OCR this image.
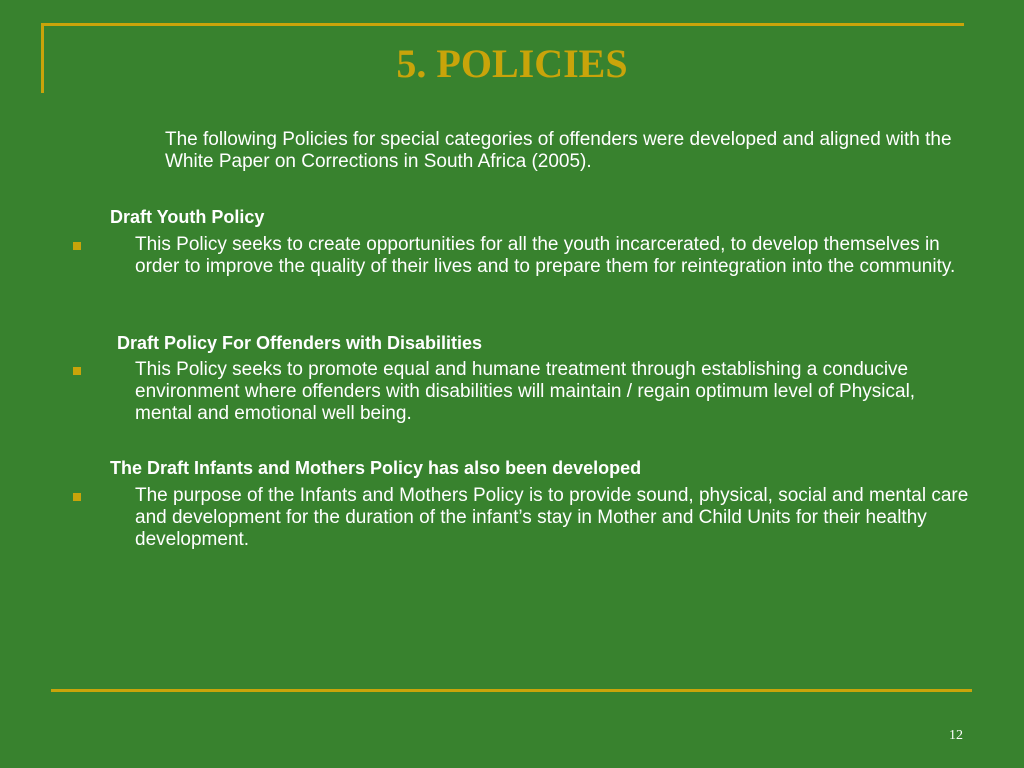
5. POLICIES
The following Policies for special categories of offenders were developed and aligned with the White Paper on Corrections in South Africa (2005).
Draft Youth Policy
This Policy seeks to create opportunities for all the youth incarcerated, to develop themselves in order to improve the quality of their lives and to prepare them for reintegration into the community.
Draft Policy For Offenders with Disabilities
This Policy seeks to promote equal and humane treatment through establishing a conducive environment where offenders with disabilities will maintain / regain optimum level of Physical, mental and emotional well being.
The Draft Infants and Mothers Policy has also been developed
The purpose of the Infants and Mothers Policy is to provide sound, physical, social and mental care and development for the duration of the infant’s stay in Mother and Child Units for their healthy development.
12
